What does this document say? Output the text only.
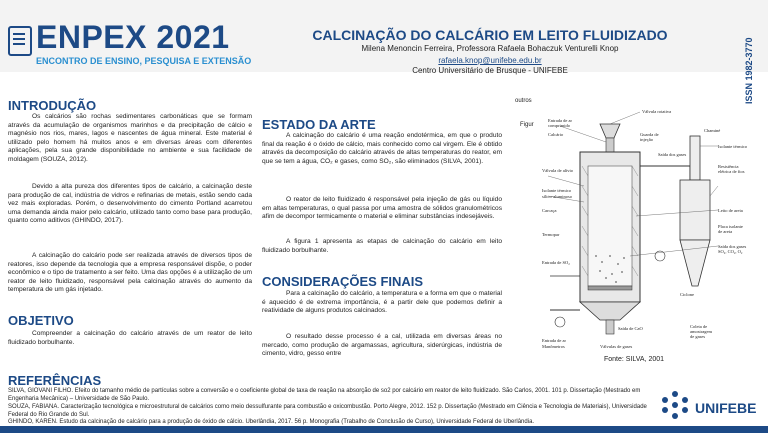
ENPEX 2021
ENCONTRO DE ENSINO, PESQUISA E EXTENSÃO
CALCINAÇÃO DO CALCÁRIO EM LEITO FLUIDIZADO
Milena Menoncin Ferreira, Professora Rafaela Bohaczuk Venturelli Knop
rafaela.knop@unifebe.edu.br
Centro Universitário de Brusque - UNIFEBE	ISSN 1982-3770
INTRODUÇÃO
Os calcários são rochas sedimentares carbonáticas que se formam através da acumulação de organismos marinhos e da precipitação de cálcio e magnésio nos rios, mares, lagos e nascentes de água mineral. Este material é utilizado pelo homem há muitos anos e em diversas áreas com diferentes aplicações, pela sua grande disponibilidade no ambiente e sua facilidade de moldagem (SOUZA, 2012).
Devido a alta pureza dos diferentes tipos de calcário, a calcinação deste para produção de cal, indústria de vidros e refinarias de metais, estão sendo cada vez mais exploradas. Porém, o desenvolvimento do cimento Portland acarretou uma demanda ainda maior pelo calcário, utilizado tanto como base para produção, quanto como aditivos (GHINDO, 2017).
A calcinação do calcário pode ser realizada através de diversos tipos de reatores, isso depende da tecnologia que a empresa responsável dispõe, o poder econômico e o tipo de tratamento a ser feito. Uma das opções é a utilização de um reator de leito fluidizado, responsável pela calcinação através do aumento da temperatura de um gás injetado.
OBJETIVO
Compreender a calcinação do calcário através de um reator de leito fluidizado borbulhante.
ESTADO DA ARTE
A calcinação do calcário é uma reação endotérmica, em que o produto final da reação é o óxido de cálcio, mais conhecido como cal virgem. Ele é obtido através da decomposição do calcário através de altas temperaturas do reator, em que se tem a água, CO₂ e gases, como SO₂, são eliminados (SILVA, 2001).
O reator de leito fluidizado é responsável pela injeção de gás ou líquido em altas temperaturas, o qual passa por uma amostra de sólidos granulométricos afim de decompor termicamente o material e eliminar substâncias indesejáveis.
A figura 1 apresenta as etapas de calcinação do calcário em leito fluidizado borbulhante.
CONSIDERAÇÕES FINAIS
Para a calcinação do calcário, a temperatura e a forma em que o material é aquecido é de extrema importância, é a partir dele que podemos definir a reatividade de alguns produtos calcinados.
O resultado desse processo é a cal, utilizada em diversas áreas no mercado, como produção de argamassas, agricultura, siderúrgicas, indústria de cimento, vidro, gesso entre
outros
Figur
Válvula rotativa
Entrada de ar
comprimido
Calcário
Válvula de alívio
Isolante térmico
sílico-aluminoso
Carcaça
Termopar
Entrada de SO₂
Entrada de ar
Manômetros	Válvulas de gases
Guarda de
injeção
Chaminé
Isolante térmico
Resistência
elétrica de fios
Leito de areia
Placa isolante
de areia
Saída dos gases
SO₂, CO₂, O₂
Ciclone
Coleta de
amostragem
de gases
Saída de CaO
Saída dos gases
Fonte: SILVA, 2001
REFERÊNCIAS
SILVA, GIOVANI FILHO. Efeito do tamanho médio de partículas sobre a conversão e o coeficiente global de taxa de reação na absorção de so2 por calcário em reator de leito fluidizado. São Carlos, 2001. 101 p. Dissertação (Mestrado em Engenharia Mecânica) – Universidade de São Paulo.
SOUZA, FABIANA. Caracterização tecnológica e microestrutural de calcários como meio dessulfurante para combustão e oxicombustão. Porto Alegre, 2012. 152 p. Dissertação (Mestrado em Ciência e Tecnologia de Materiais), Universidade Federal do Rio Grande do Sul.
GHINDO, KAREN. Estudo da calcinação de calcário para a produção de óxido de cálcio. Uberlândia, 2017. 56 p. Monografia (Trabalho de Conclusão de Curso), Universidade Federal de Uberlândia.
UNIFEBE
